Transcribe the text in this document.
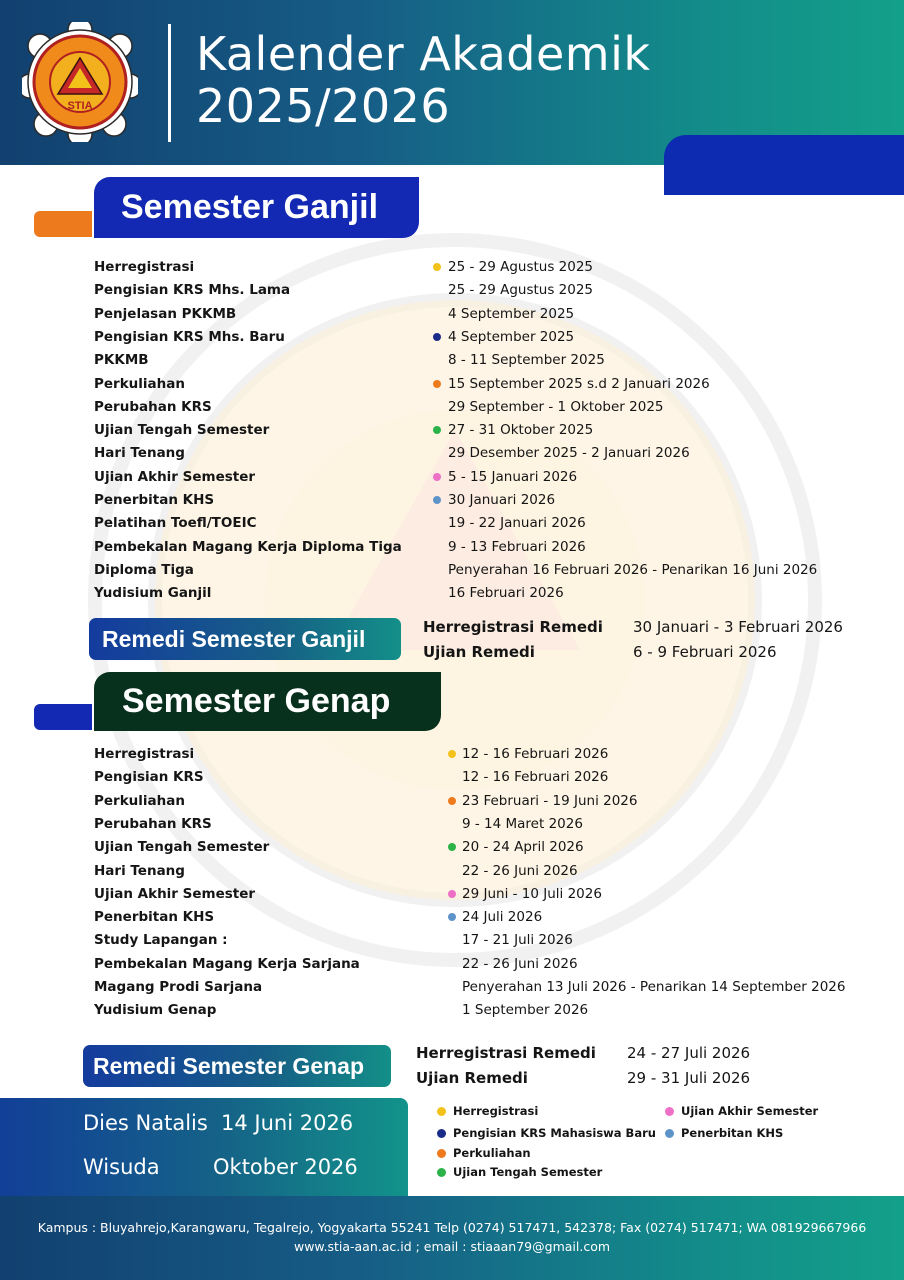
STIA
Kalender Akademik
2025/2026
Semester Ganjil
Herregistrasi	25 - 29 Agustus 2025
Pengisian KRS Mhs. Lama	25 - 29 Agustus 2025
Penjelasan PKKMB	4 September 2025
Pengisian KRS Mhs. Baru	4 September 2025
PKKMB	8 - 11 September 2025
Perkuliahan	15 September 2025 s.d 2 Januari 2026
Perubahan KRS	29 September - 1 Oktober 2025
Ujian Tengah Semester	27 - 31 Oktober 2025
Hari Tenang	29 Desember 2025 - 2 Januari 2026
Ujian Akhir Semester	5 - 15 Januari 2026
Penerbitan KHS	30 Januari 2026
Pelatihan Toefl/TOEIC	19 - 22 Januari 2026
Pembekalan Magang Kerja Diploma Tiga	9 - 13 Februari 2026
Diploma Tiga	Penyerahan 16 Februari 2026 - Penarikan 16 Juni 2026
Yudisium Ganjil	16 Februari 2026
Remedi Semester Ganjil	Herregistrasi Remedi 30 Januari - 3 Februari 2026
Ujian Remedi	6 - 9 Februari 2026
Semester Genap
Herregistrasi	12 - 16 Februari 2026
Pengisian KRS	12 - 16 Februari 2026
Perkuliahan	23 Februari - 19 Juni 2026
Perubahan KRS	9 - 14 Maret 2026
Ujian Tengah Semester	20 - 24 April 2026
Hari Tenang	22 - 26 Juni 2026
Ujian Akhir Semester	29 Juni - 10 Juli 2026
Penerbitan KHS	24 Juli 2026
Study Lapangan :	17 - 21 Juli 2026
Pembekalan Magang Kerja Sarjana	22 - 26 Juni 2026
Magang Prodi Sarjana	Penyerahan 13 Juli 2026 - Penarikan 14 September 2026
Yudisium Genap	1 September 2026
Remedi Semester Genap	Herregistrasi Remedi 24 - 27 Juli 2026
Ujian Remedi	29 - 31 Juli 2026
Dies Natalis 14 Juni 2026
Wisuda	Oktober 2026
Herregistrasi
Pengisian KRS Mahasiswa Baru
Perkuliahan
Ujian Tengah Semester
Ujian Akhir Semester
Penerbitan KHS
Kampus : Bluyahrejo,Karangwaru, Tegalrejo, Yogyakarta 55241 Telp (0274) 517471, 542378; Fax (0274) 517471; WA 081929667966
www.stia-aan.ac.id ; email : stiaaan79@gmail.com
